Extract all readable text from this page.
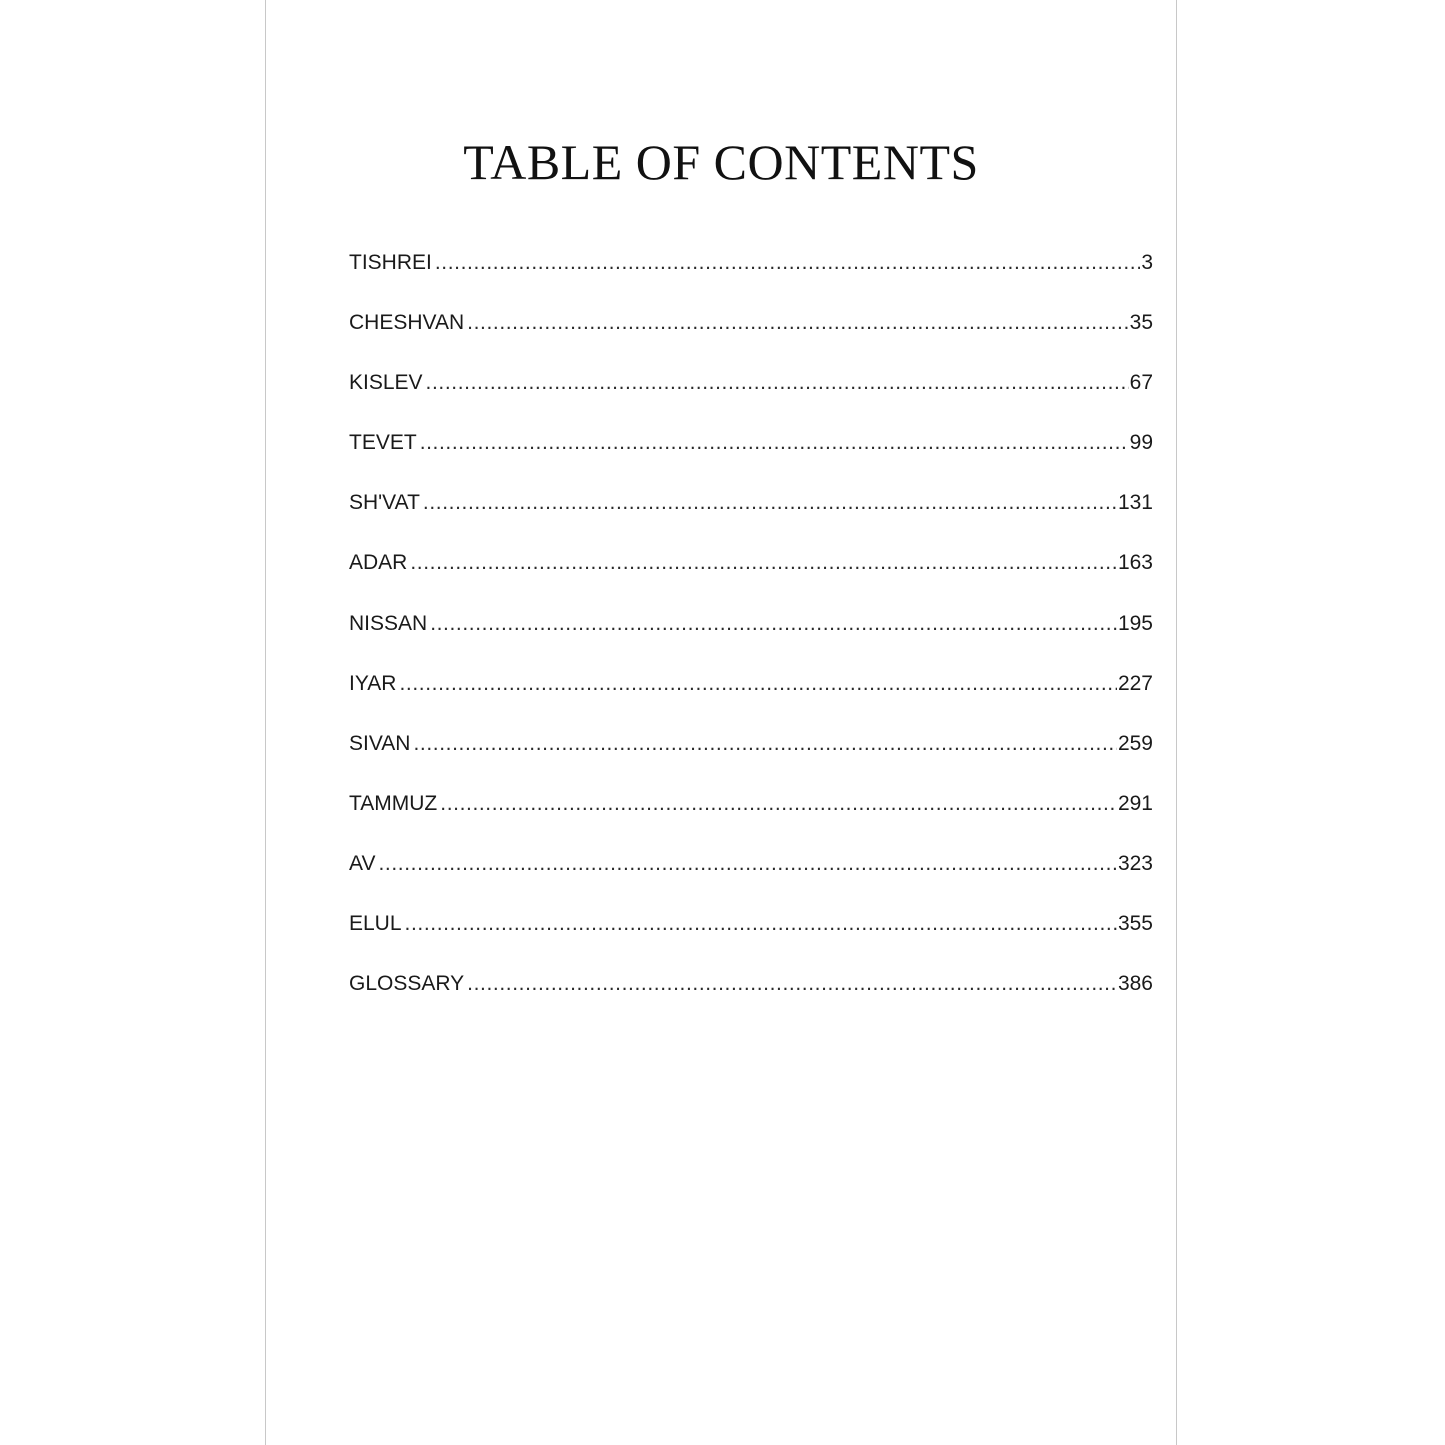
TABLE OF CONTENTS
TISHREI .....	3
CHESHVAN .....	35
KISLEV .....	67
TEVET .....	99
SH'VAT .....	131
ADAR .....	163
NISSAN .....	195
IYAR .....	227
SIVAN .....	259
TAMMUZ .....	291
AV .....	323
ELUL .....	355
GLOSSARY .....	386
